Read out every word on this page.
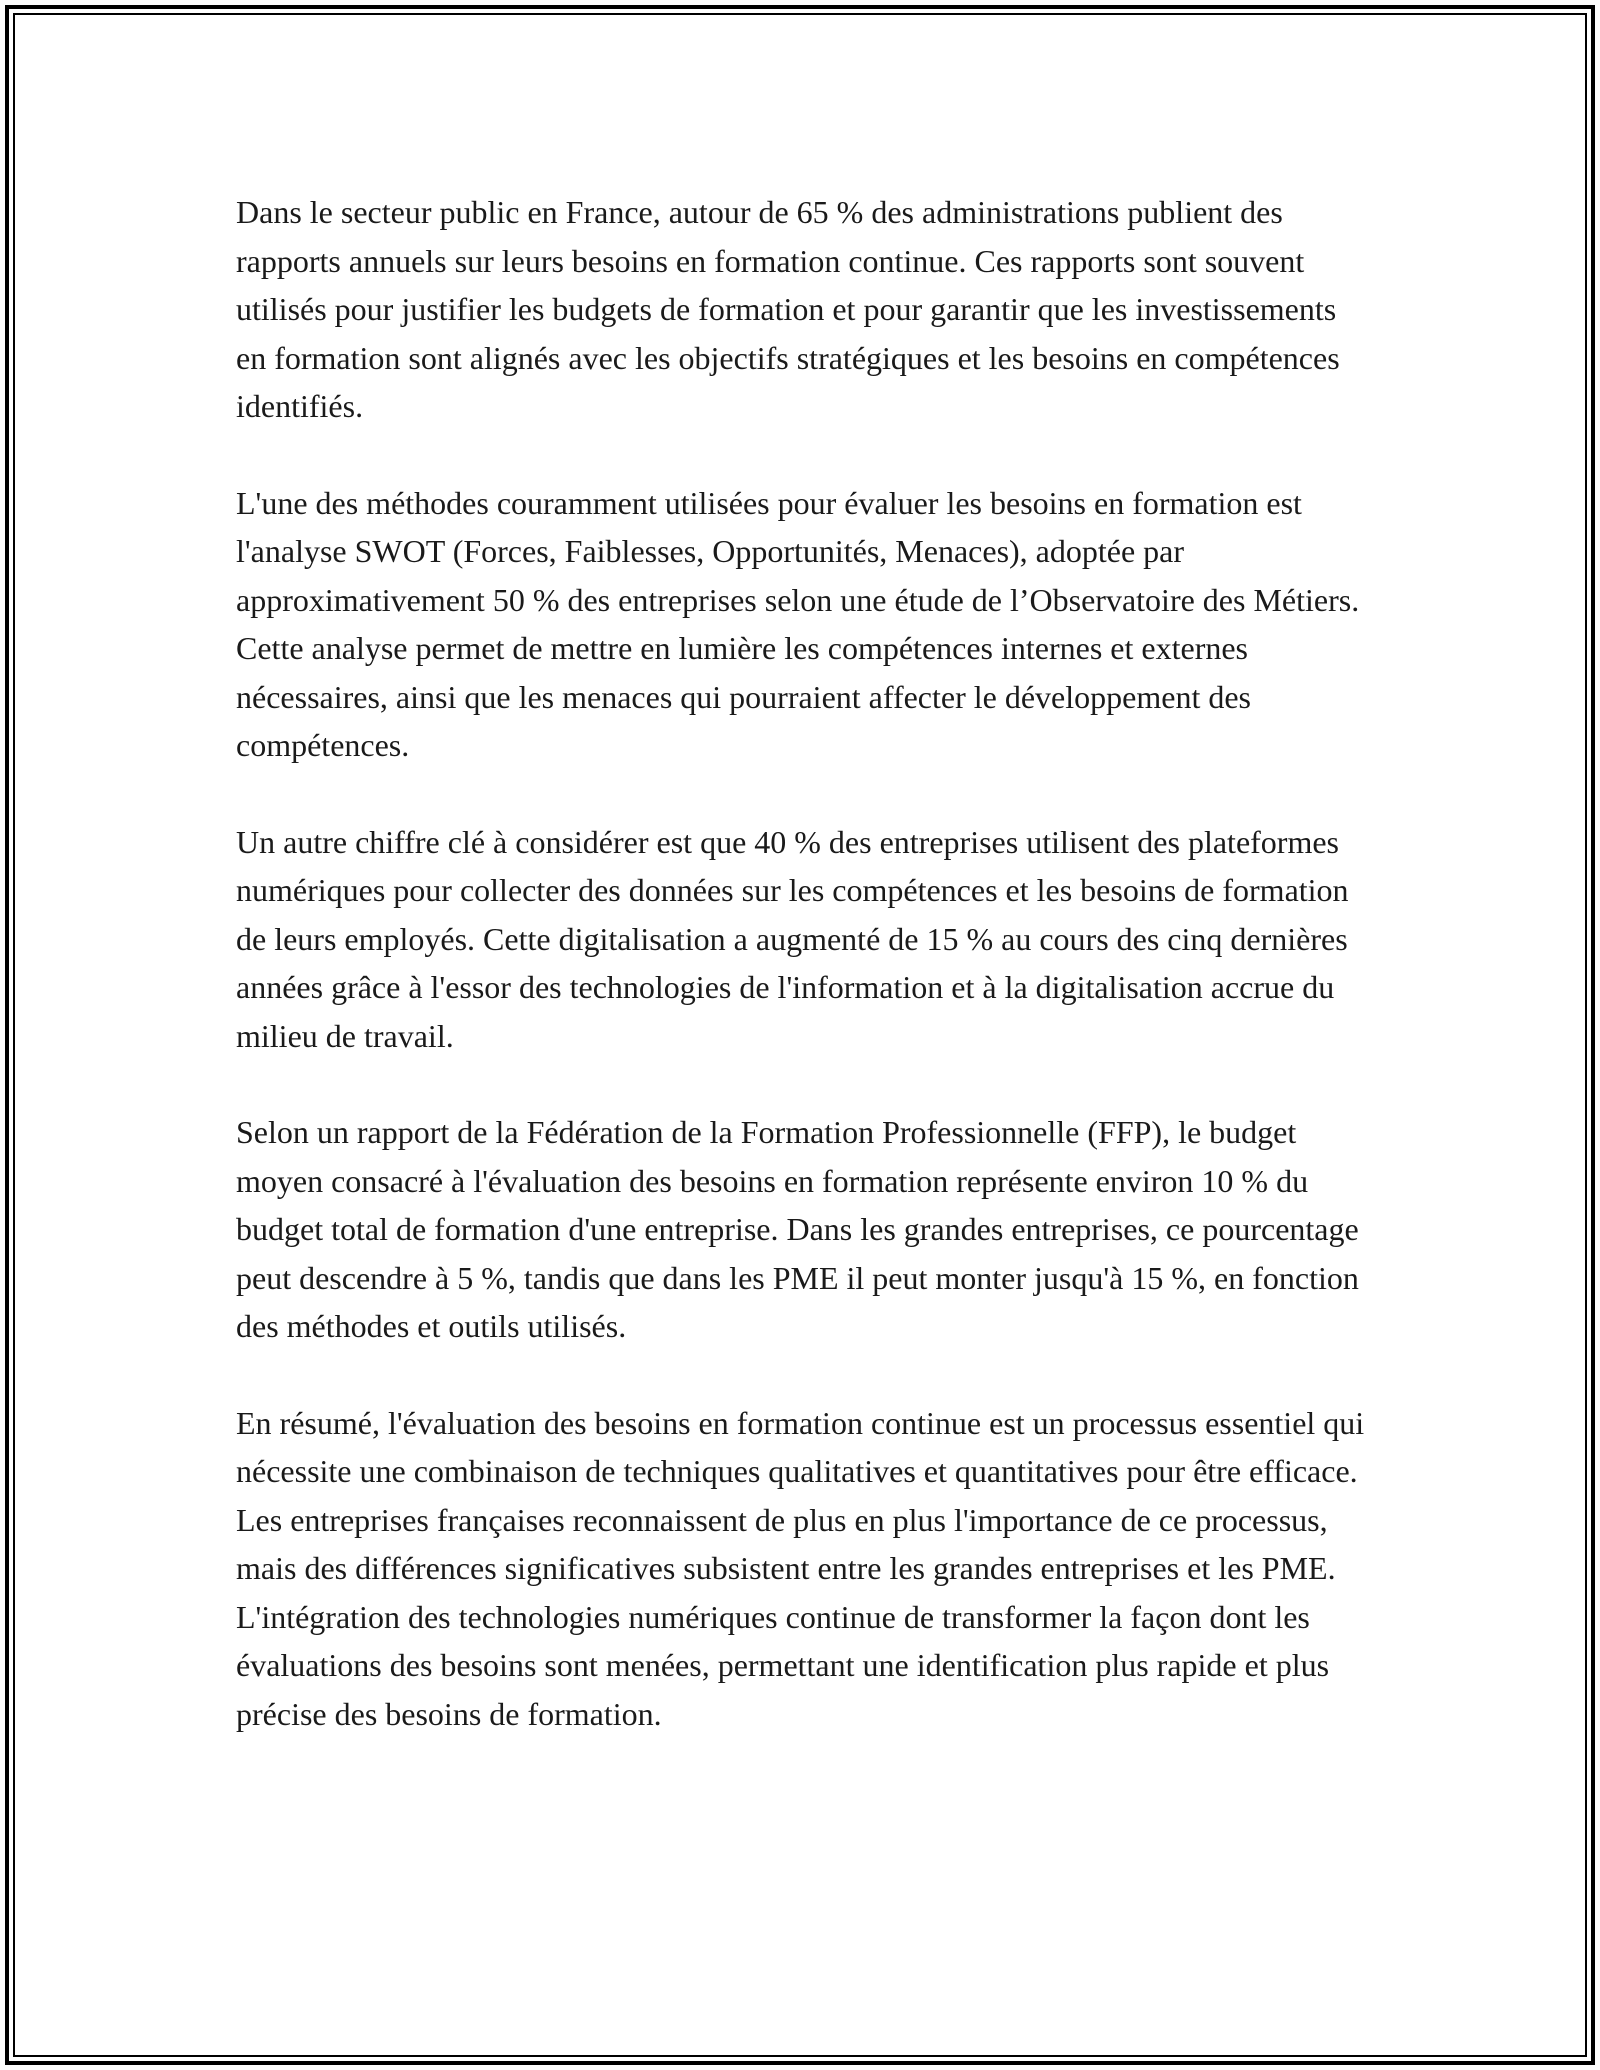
Dans le secteur public en France, autour de 65 % des administrations publient des rapports annuels sur leurs besoins en formation continue. Ces rapports sont souvent utilisés pour justifier les budgets de formation et pour garantir que les investissements en formation sont alignés avec les objectifs stratégiques et les besoins en compétences identifiés.

L'une des méthodes couramment utilisées pour évaluer les besoins en formation est l'analyse SWOT (Forces, Faiblesses, Opportunités, Menaces), adoptée par approximativement 50 % des entreprises selon une étude de l’Observatoire des Métiers. Cette analyse permet de mettre en lumière les compétences internes et externes nécessaires, ainsi que les menaces qui pourraient affecter le développement des compétences.

Un autre chiffre clé à considérer est que 40 % des entreprises utilisent des plateformes numériques pour collecter des données sur les compétences et les besoins de formation de leurs employés. Cette digitalisation a augmenté de 15 % au cours des cinq dernières années grâce à l'essor des technologies de l'information et à la digitalisation accrue du milieu de travail.

Selon un rapport de la Fédération de la Formation Professionnelle (FFP), le budget moyen consacré à l'évaluation des besoins en formation représente environ 10 % du budget total de formation d'une entreprise. Dans les grandes entreprises, ce pourcentage peut descendre à 5 %, tandis que dans les PME il peut monter jusqu'à 15 %, en fonction des méthodes et outils utilisés.

En résumé, l'évaluation des besoins en formation continue est un processus essentiel qui nécessite une combinaison de techniques qualitatives et quantitatives pour être efficace. Les entreprises françaises reconnaissent de plus en plus l'importance de ce processus, mais des différences significatives subsistent entre les grandes entreprises et les PME. L'intégration des technologies numériques continue de transformer la façon dont les évaluations des besoins sont menées, permettant une identification plus rapide et plus précise des besoins de formation.
